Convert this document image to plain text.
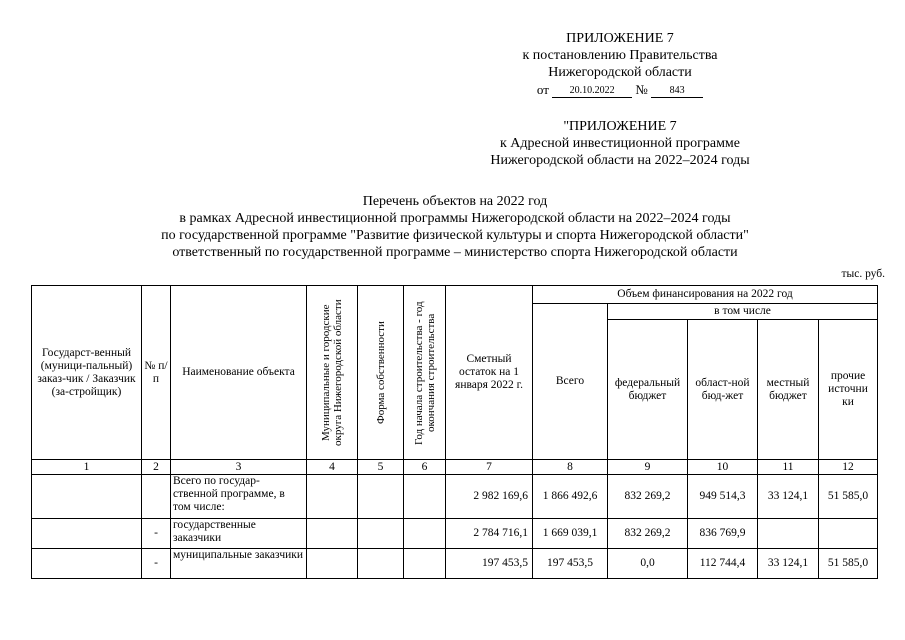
ПРИЛОЖЕНИЕ 7
к постановлению Правительства
Нижегородской области
от 20.10.2022 № 843
"ПРИЛОЖЕНИЕ 7
к Адресной инвестиционной программе
Нижегородской области на 2022–2024 годы
Перечень объектов на 2022 год
в рамках Адресной инвестиционной программы Нижегородской области на 2022–2024 годы
по государственной программе "Развитие физической культуры и спорта Нижегородской области"
ответственный по государственной программе – министерство спорта Нижегородской области
тыс. руб.
Государст-венный (муници-пальный) заказ-чик / Заказчик (за-стройщик)	№ п/п	Наименование объекта	Муниципальные и городские округа Нижегородской области	Форма собственности	Год начала строительства - год окончания строительства	Сметный остаток на 1 января 2022 г.	Объем финансирования на 2022 год				
							Всего	в том числе			
								федеральный бюджет	област-ной бюд-жет	местный бюджет	прочие источни ки
1	2	3	4	5	6	7	8	9	10	11	12
		Всего по государ-ственной программе, в том числе:				2 982 169,6	1 866 492,6	832 269,2	949 514,3	33 124,1	51 585,0
	-	государственные заказчики				2 784 716,1	1 669 039,1	832 269,2	836 769,9		
	-	муниципальные заказчики				197 453,5	197 453,5	0,0	112 744,4	33 124,1	51 585,0
